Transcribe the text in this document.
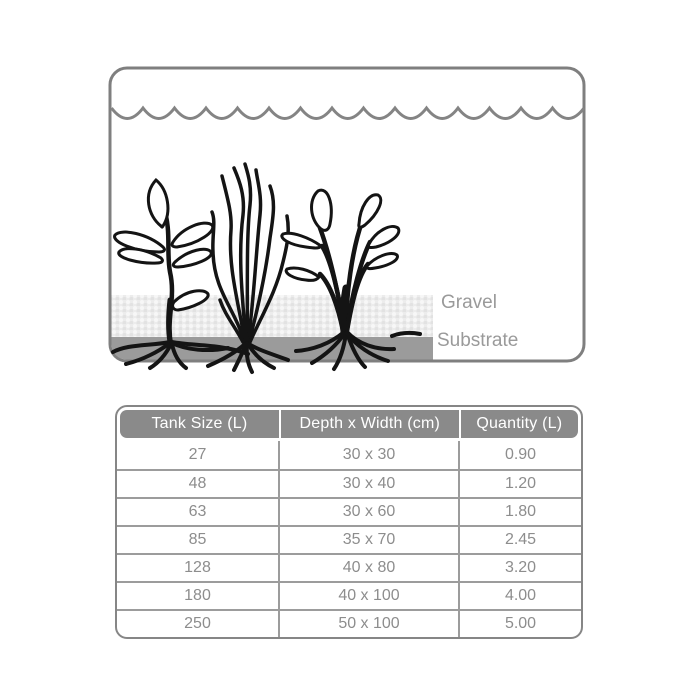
Gravel
Substrate
Tank Size (L)	Depth x Width (cm)	Quantity (L)
27	30 x 30	0.90
48	30 x 40	1.20
63	30 x 60	1.80
85	35 x 70	2.45
128	40 x 80	3.20
180	40 x 100	4.00
250	50 x 100	5.00
